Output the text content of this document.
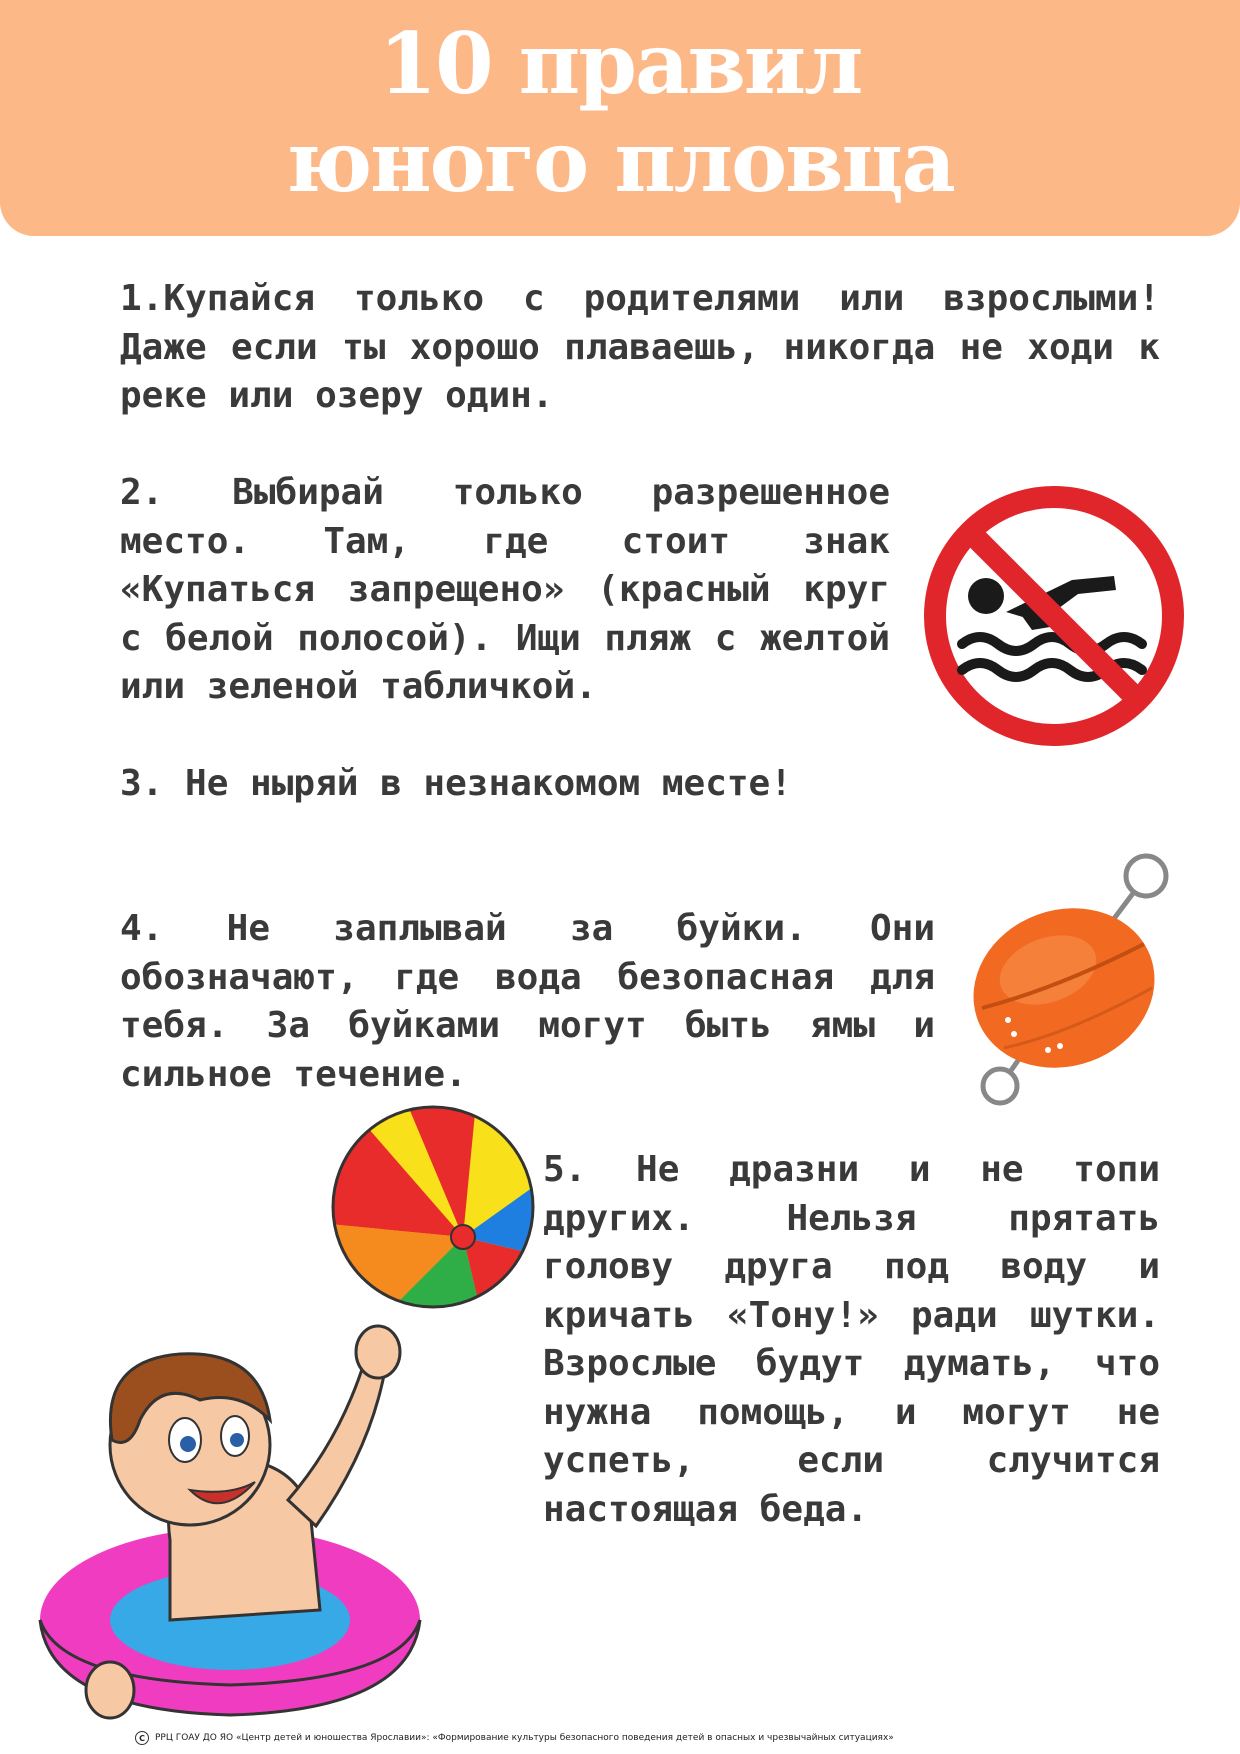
10 правил
юного пловца

1.Купайся только с родителями или взрослыми! Даже если ты хорошо плаваешь, никогда не ходи к реке или озеру один.

2. Выбирай только разрешенное место. Там, где стоит знак «Купаться запрещено» (красный круг с белой полосой). Ищи пляж с желтой или зеленой табличкой.

3. Не ныряй в незнакомом месте!

4. Не заплывай за буйки. Они обозначают, где вода безопасная для тебя. За буйками могут быть ямы и сильное течение.

5. Не дразни и не топи других. Нельзя прятать голову друга под воду и кричать «Тону!» ради шутки. Взрослые будут думать, что нужна помощь, и могут не успеть, если случится настоящая беда.

C	РРЦ ГОАУ ДО ЯО «Центр детей и юношества Ярославии»: «Формирование культуры безопасного поведения детей в опасных и чрезвычайных ситуациях»
